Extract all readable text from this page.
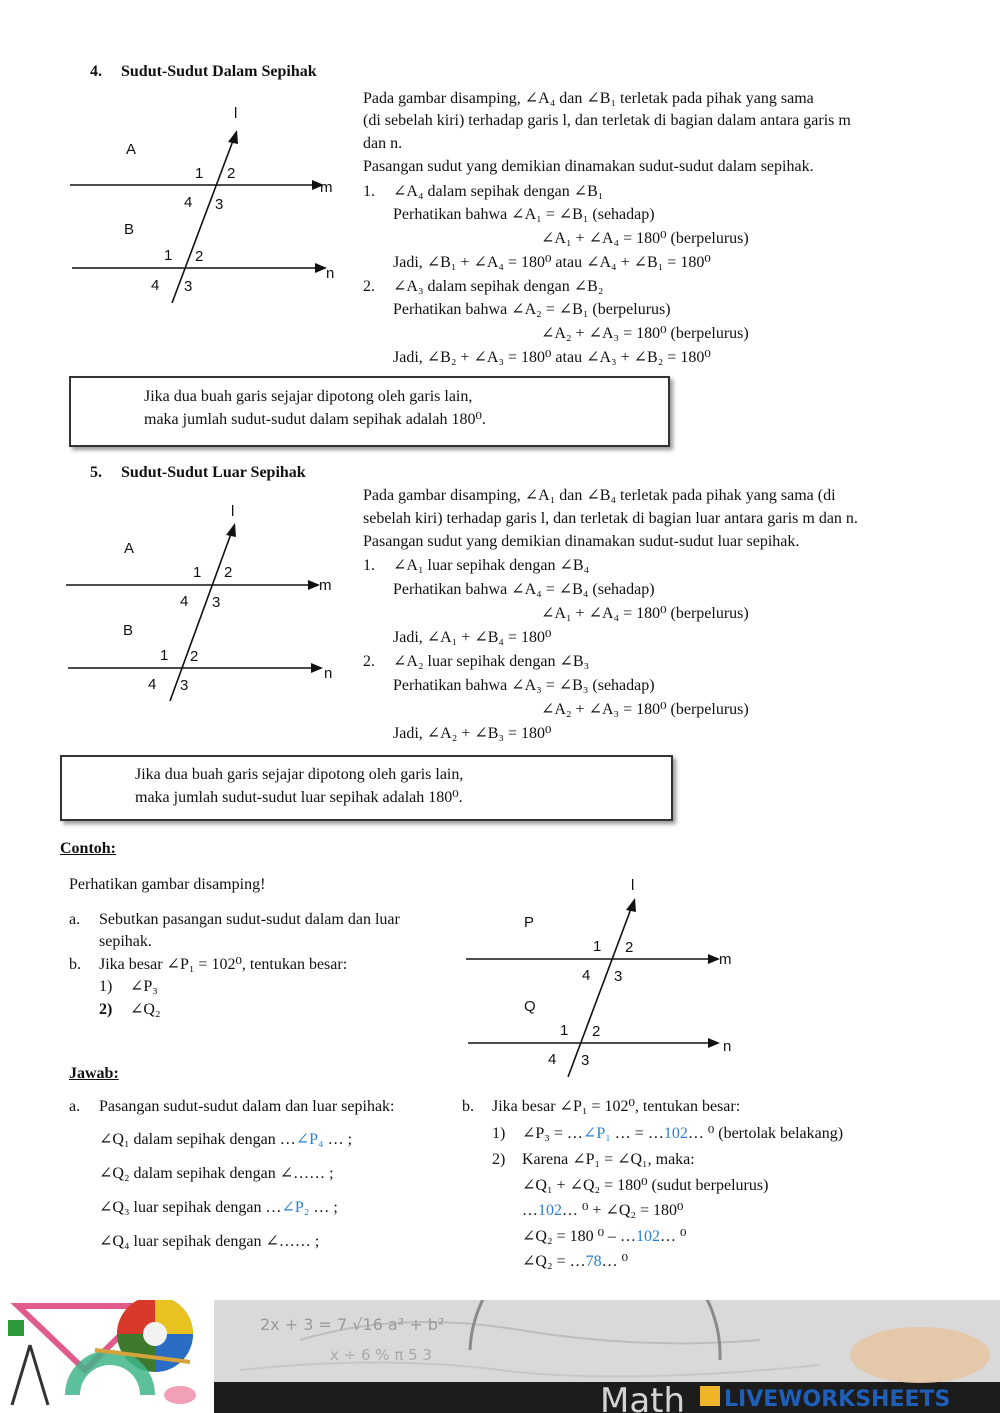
4. Sudut-Sudut Dalam Sepihak
l
m
n
A
B
1 2
3
4
1 2
3
4
Pada gambar disamping, ∠A₄ dan ∠B₁ terletak pada pihak yang sama
(di sebelah kiri) terhadap garis l, dan terletak di bagian dalam antara garis m
dan n.
Pasangan sudut yang demikian dinamakan sudut-sudut dalam sepihak.
1. ∠A₄ dalam sepihak dengan ∠B₁
Perhatikan bahwa ∠A₁ = ∠B₁ (sehadap)
∠A₁ + ∠A₄ = 180⁰ (berpelurus)
Jadi, ∠B₁ + ∠A₄ = 180⁰ atau ∠A₄ + ∠B₁ = 180⁰
2. ∠A₃ dalam sepihak dengan ∠B₂
Perhatikan bahwa ∠A₂ = ∠B₁ (berpelurus)
∠A₂ + ∠A₃ = 180⁰ (berpelurus)
Jadi, ∠B₂ + ∠A₃ = 180⁰ atau ∠A₃ + ∠B₂ = 180⁰
Jika dua buah garis sejajar dipotong oleh garis lain,
maka jumlah sudut-sudut dalam sepihak adalah 180⁰.
5. Sudut-Sudut Luar Sepihak
l
m
n
A
B
1 2
3
4
1 2
3
4
Pada gambar disamping, ∠A₁ dan ∠B₄ terletak pada pihak yang sama (di
sebelah kiri) terhadap garis l, dan terletak di bagian luar antara garis m dan n.
Pasangan sudut yang demikian dinamakan sudut-sudut luar sepihak.
1. ∠A₁ luar sepihak dengan ∠B₄
Perhatikan bahwa ∠A₄ = ∠B₄ (sehadap)
∠A₁ + ∠A₄ = 180⁰ (berpelurus)
Jadi, ∠A₁ + ∠B₄ = 180⁰
2. ∠A₂ luar sepihak dengan ∠B₃
Perhatikan bahwa ∠A₃ = ∠B₃ (sehadap)
∠A₂ + ∠A₃ = 180⁰ (berpelurus)
Jadi, ∠A₂ + ∠B₃ = 180⁰
Jika dua buah garis sejajar dipotong oleh garis lain,
maka jumlah sudut-sudut luar sepihak adalah 180⁰.
Contoh:
Perhatikan gambar disamping!
a. Sebutkan pasangan sudut-sudut dalam dan luar
sepihak.
b. Jika besar ∠P₁ = 102⁰, tentukan besar:
1) ∠P₃
2) ∠Q₂
l
m
n
P
Q
1 2
3
4
1 2
3
4
Jawab:
a. Pasangan sudut-sudut dalam dan luar sepihak:
∠Q₁ dalam sepihak dengan …∠P₄ … ;
∠Q₂ dalam sepihak dengan ∠…… ;
∠Q₃ luar sepihak dengan …∠P₂ … ;
∠Q₄ luar sepihak dengan ∠…… ;
b. Jika besar ∠P₁ = 102⁰, tentukan besar:
1) ∠P₃ = …∠P₁ … = …102… ⁰ (bertolak belakang)
2) Karena ∠P₁ = ∠Q₁, maka:
∠Q₁ + ∠Q₂ = 180⁰ (sudut berpelurus)
…102… ⁰ + ∠Q₂ = 180⁰
∠Q₂ = 180 ⁰ – …102… ⁰
∠Q₂ = …78… ⁰
2x + 3 = 7 √16 a² + b²
x ÷ 6 % π 5 3
Math LIVEWORKSHEETS
